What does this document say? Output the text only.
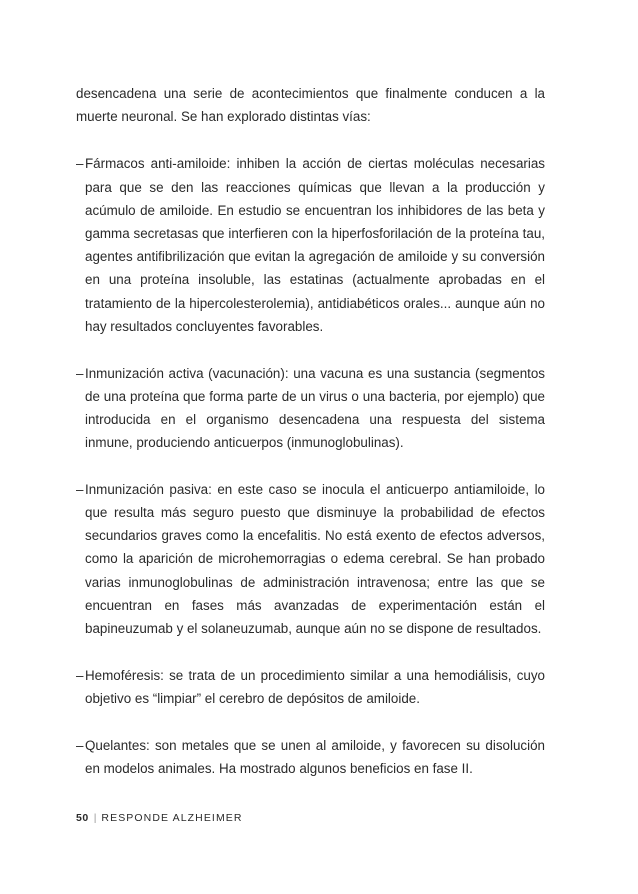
desencadena una serie de acontecimientos que finalmente conducen a la muerte neuronal. Se han explorado distintas vías:

– Fármacos anti-amiloide: inhiben la acción de ciertas moléculas necesarias para que se den las reacciones químicas que llevan a la producción y acúmulo de amiloide. En estudio se encuentran los inhibidores de las beta y gamma secretasas que interfieren con la hiperfosforilación de la proteína tau, agentes antifibrilización que evitan la agregación de amiloide y su conversión en una proteína insoluble, las estatinas (actualmente aprobadas en el tratamiento de la hipercolesterolemia), antidiabéticos orales... aunque aún no hay resultados concluyentes favorables.
– Inmunización activa (vacunación): una vacuna es una sustancia (segmentos de una proteína que forma parte de un virus o una bacteria, por ejemplo) que introducida en el organismo desencadena una respuesta del sistema inmune, produciendo anticuerpos (inmunoglobulinas).
– Inmunización pasiva: en este caso se inocula el anticuerpo antiamiloide, lo que resulta más seguro puesto que disminuye la probabilidad de efectos secundarios graves como la encefalitis. No está exento de efectos adversos, como la aparición de microhemorragias o edema cerebral. Se han probado varias inmunoglobulinas de administración intravenosa; entre las que se encuentran en fases más avanzadas de experimentación están el bapineuzumab y el solaneuzumab, aunque aún no se dispone de resultados.
– Hemoféresis: se trata de un procedimiento similar a una hemodiálisis, cuyo objetivo es “limpiar” el cerebro de depósitos de amiloide.
– Quelantes: son metales que se unen al amiloide, y favorecen su disolución en modelos animales. Ha mostrado algunos beneficios en fase II.
50 | RESPONDE ALZHEIMER
